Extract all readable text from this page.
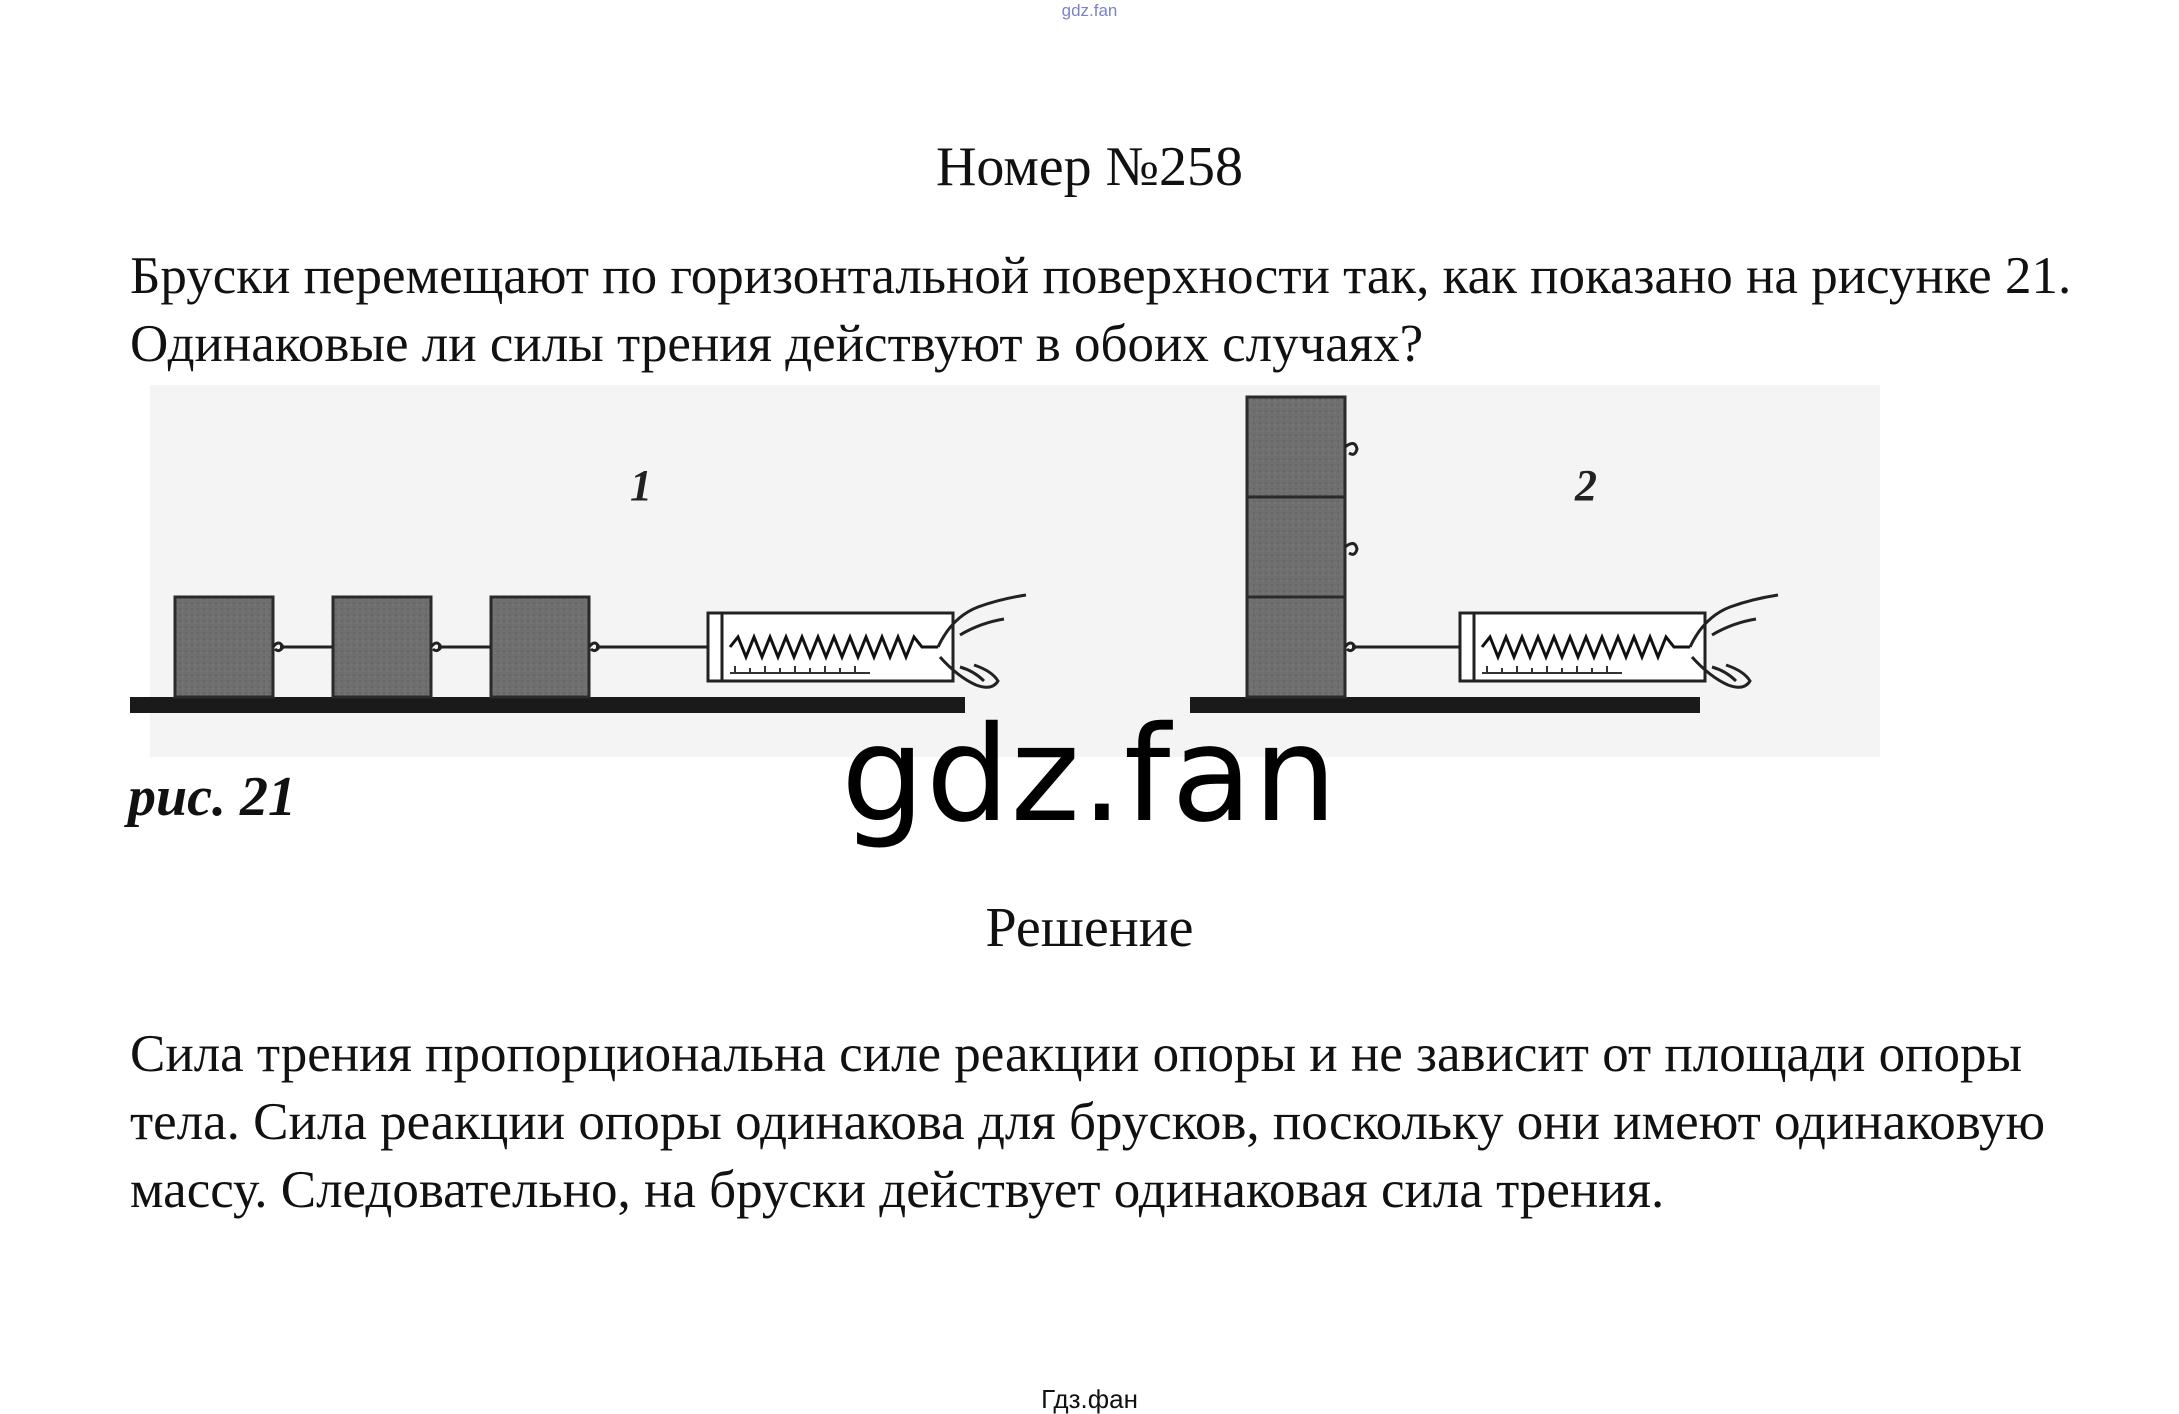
gdz.fan
Номер №258
Бруски перемещают по горизонтальной поверхности так, как показано на рисунке 21. Одинаковые ли силы трения действуют в обоих случаях?
1	2
рис. 21	gdz.fan
Решение
Сила трения пропорциональна силе реакции опоры и не зависит от площади опоры тела. Сила реакции опоры одинакова для брусков, поскольку они имеют одинаковую массу. Следовательно, на бруски действует одинаковая сила трения.
Гдз.фан
